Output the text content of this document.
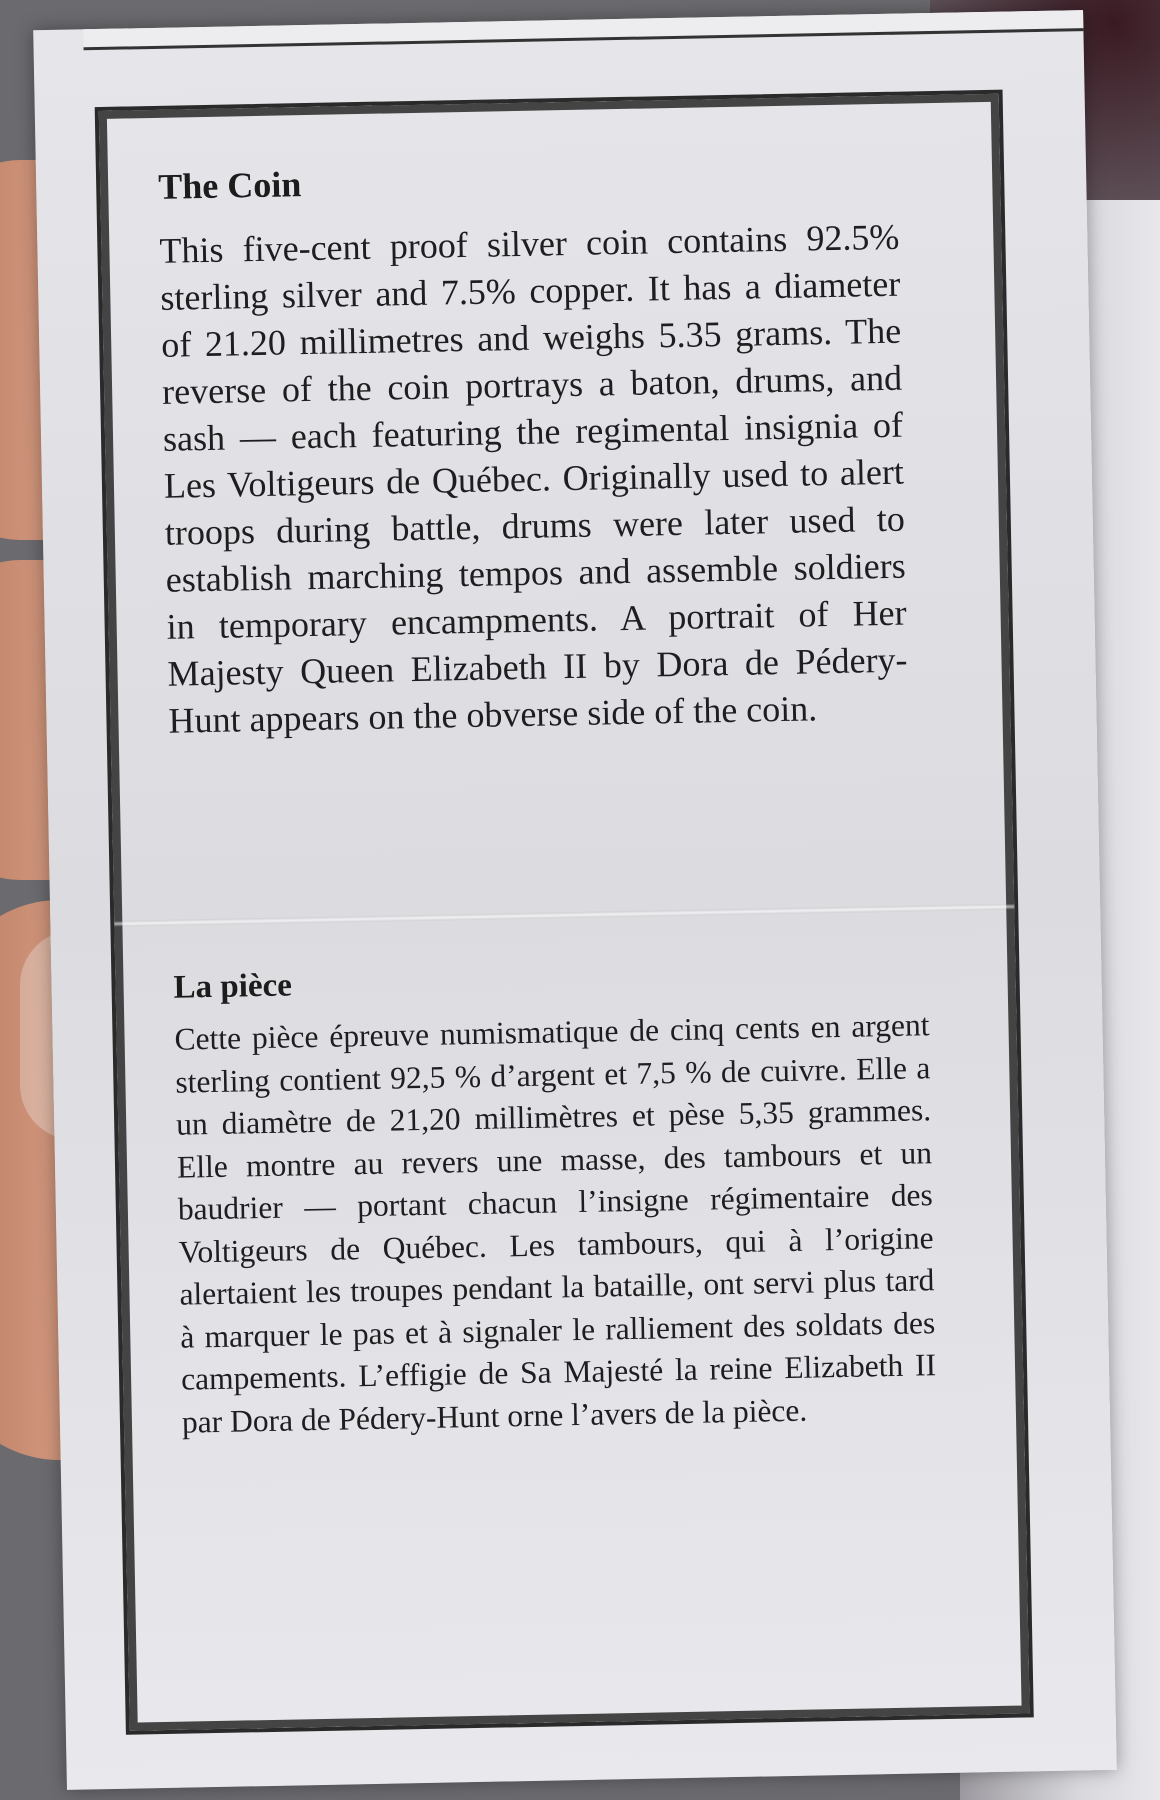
The Coin

This five-cent proof silver coin contains 92.5% sterling silver and 7.5% copper. It has a diameter of 21.20 millimetres and weighs 5.35 grams. The reverse of the coin portrays a baton, drums, and sash — each featuring the regimental insignia of Les Voltigeurs de Québec. Originally used to alert troops during battle, drums were later used to establish marching tempos and assemble soldiers in temporary encampments. A portrait of Her Majesty Queen Elizabeth II by Dora de Pédery-Hunt appears on the obverse side of the coin.

La pièce

Cette pièce épreuve numismatique de cinq cents en argent sterling contient 92,5 % d’argent et 7,5 % de cuivre. Elle a un diamètre de 21,20 millimètres et pèse 5,35 grammes. Elle montre au revers une masse, des tambours et un baudrier — portant chacun l’insigne régimentaire des Voltigeurs de Québec. Les tambours, qui à l’origine alertaient les troupes pendant la bataille, ont servi plus tard à marquer le pas et à signaler le ralliement des soldats des campements. L’effigie de Sa Majesté la reine Elizabeth II par Dora de Pédery-Hunt orne l’avers de la pièce.
